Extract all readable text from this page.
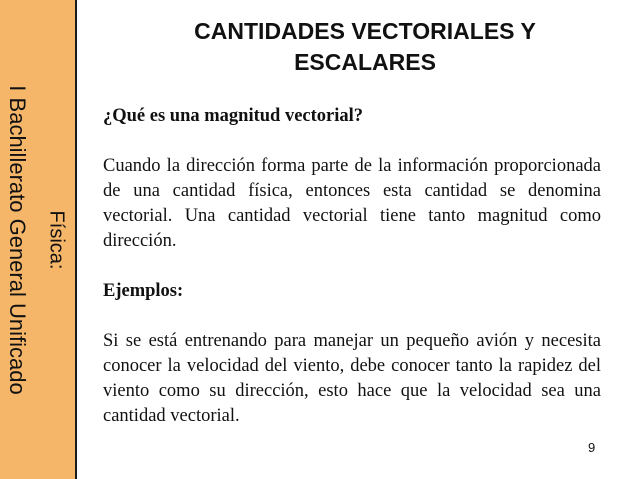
I Bachillerato General Unificado Física:
CANTIDADES VECTORIALES Y
ESCALARES

¿Qué es una magnitud vectorial?

Cuando la dirección forma parte de la información proporcionada de una cantidad física, entonces esta cantidad se denomina vectorial. Una cantidad vectorial tiene tanto magnitud como dirección.

Ejemplos:

Si se está entrenando para manejar un pequeño avión y necesita conocer la velocidad del viento, debe conocer tanto la rapidez del viento como su dirección, esto hace que la velocidad sea una cantidad vectorial.

9
